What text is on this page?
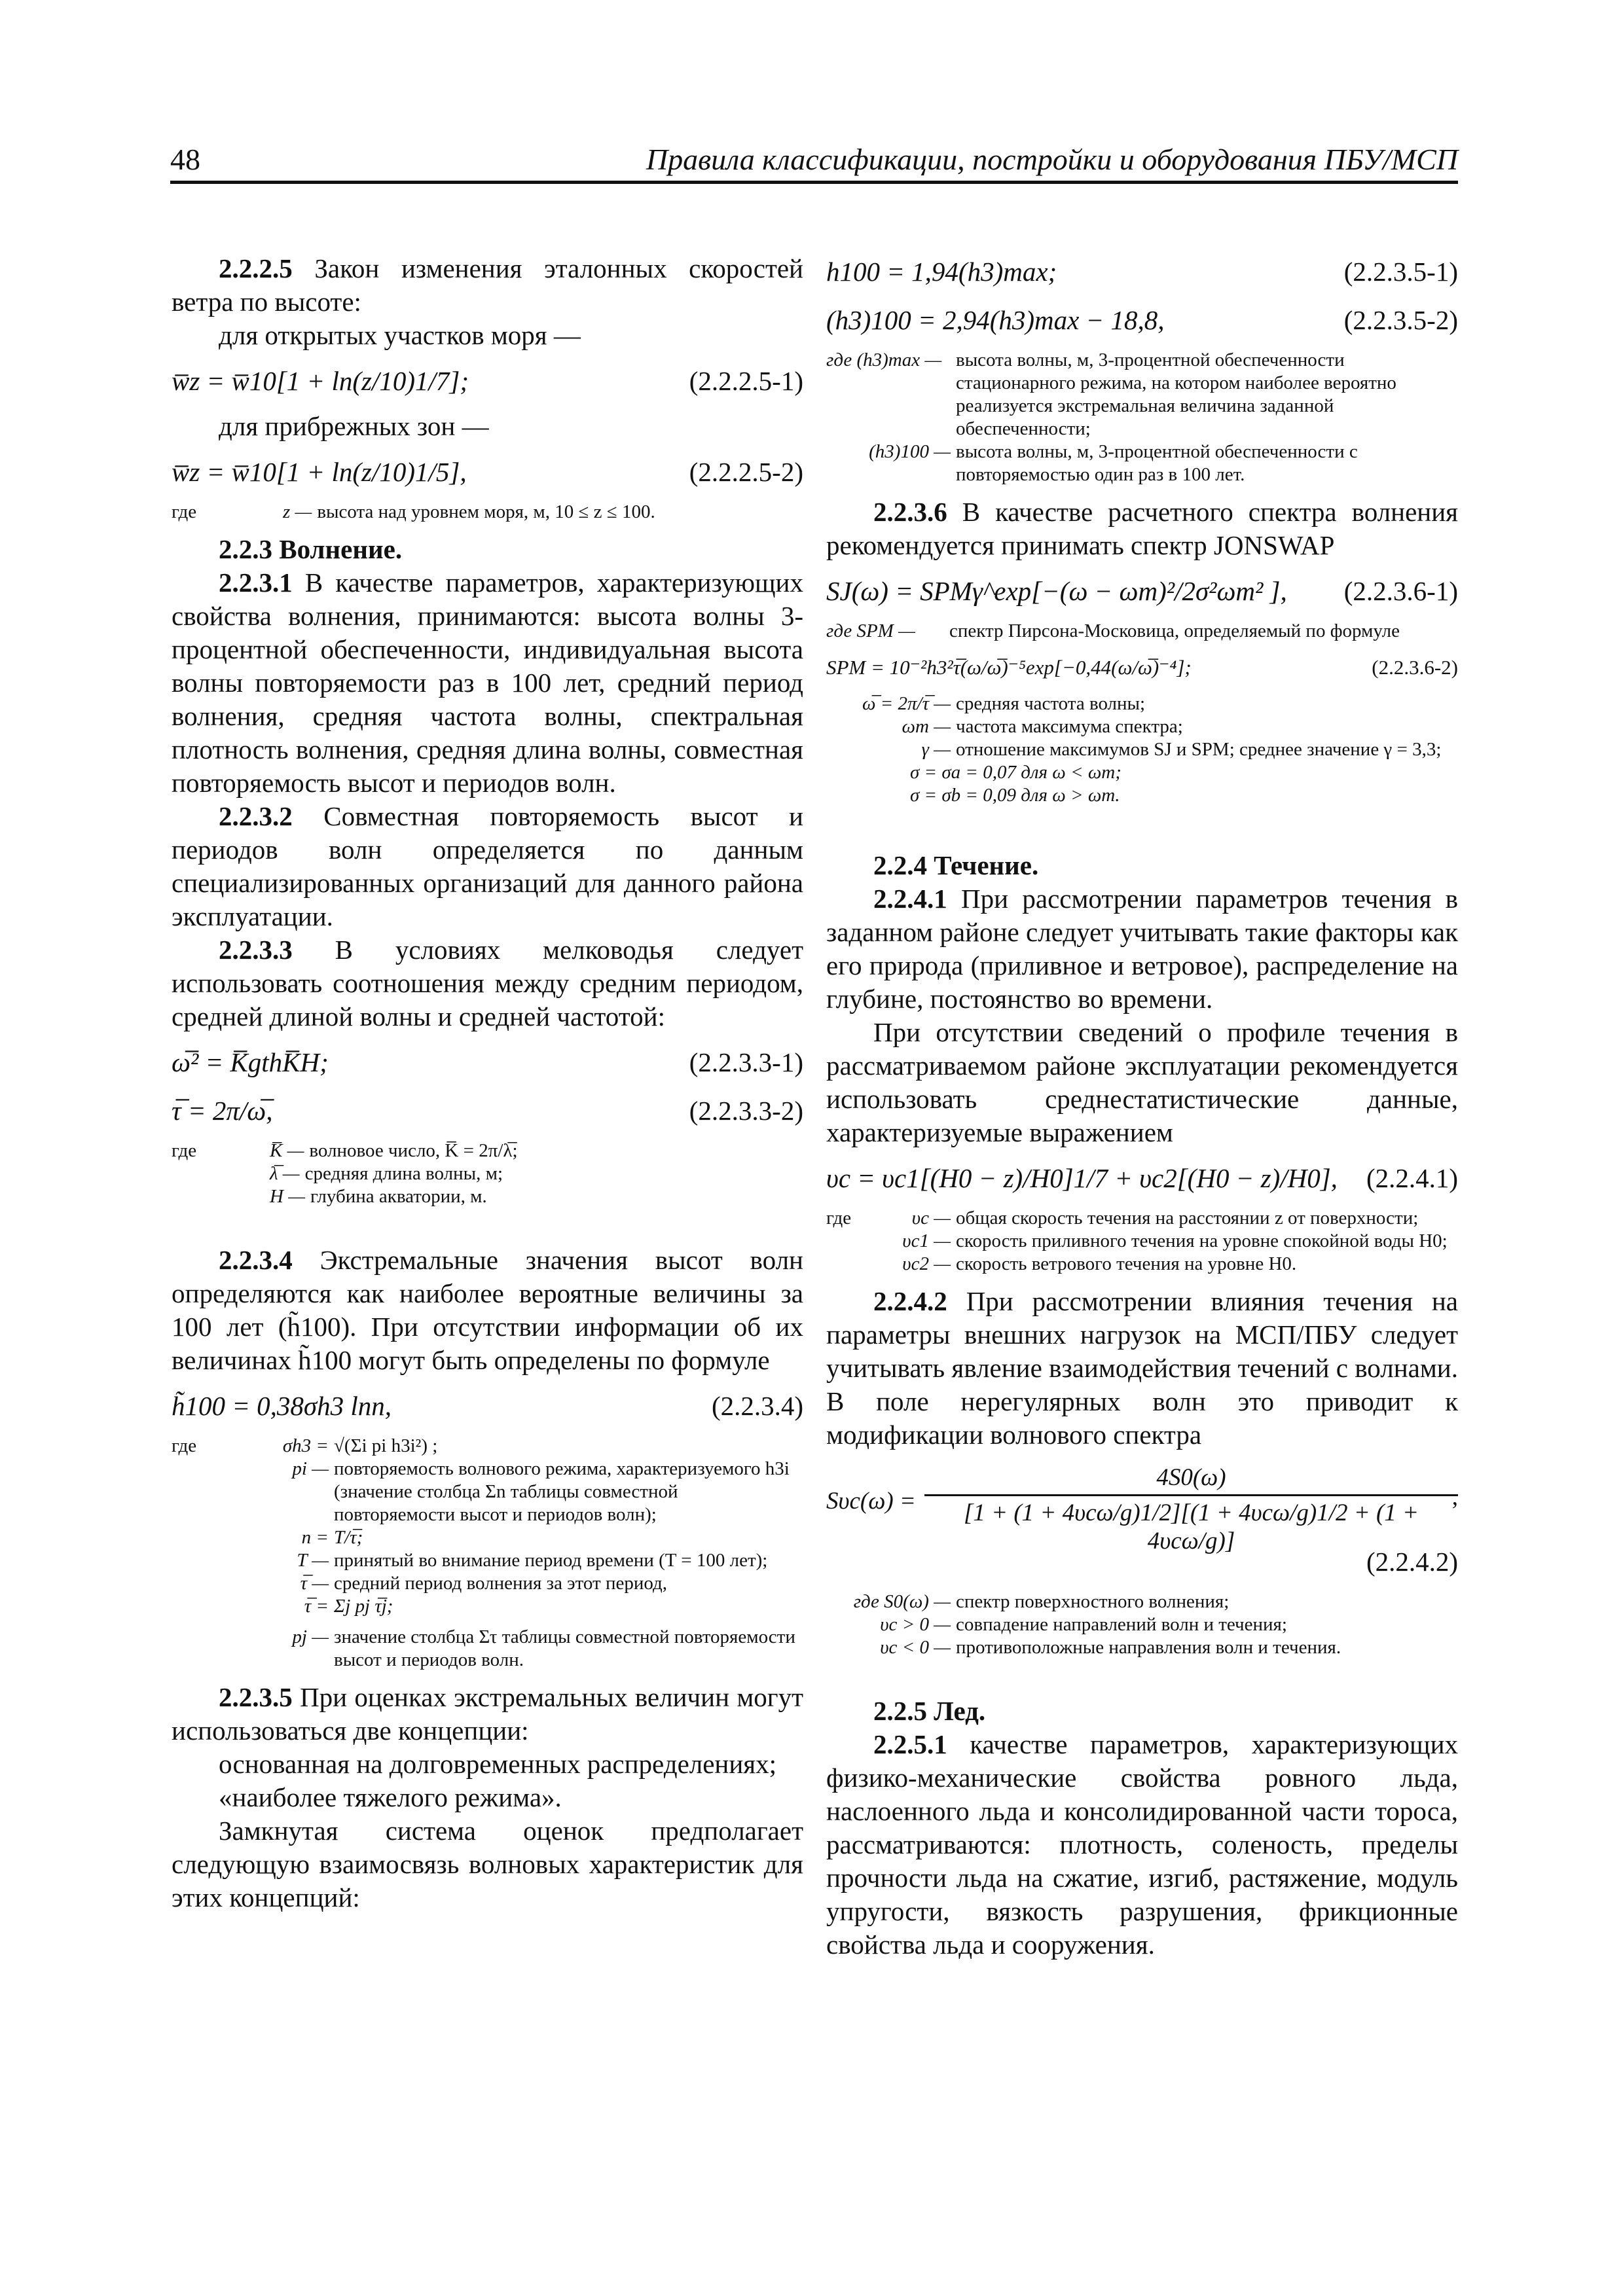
48	Правила классификации, постройки и оборудования ПБУ/МСП

2.2.2.5 Закон изменения эталонных скоростей ветра по высоте:

для открытых участков моря —

w̅z = w̅10[1 + ln(z/10)1/7];	(2.2.2.5-1)

для прибрежных зон —

w̅z = w̅10[1 + ln(z/10)1/5],	(2.2.2.5-2)
где	z — высота над уровнем моря, м, 10 ≤ z ≤ 100.

2.2.3 Волнение.

2.2.3.1 В качестве параметров, характеризующих свойства волнения, принимаются: высота волны 3-процентной обеспеченности, индивидуальная высота волны повторяемости раз в 100 лет, средний период волнения, средняя частота волны, спектральная плотность волнения, средняя длина волны, совместная повторяемость высот и периодов волн.

2.2.3.2 Совместная повторяемость высот и периодов волн определяется по данным специализированных организаций для данного района эксплуатации.

2.2.3.3 В условиях мелководья следует использовать соотношения между средним периодом, средней длиной волны и средней частотой:

ω̅² = K̅gthK̅H;	(2.2.3.3-1)
τ̅ = 2π/ω̅,	(2.2.3.3-2)
где	K̅ — волновое число, K̅ = 2π/λ̅;
λ̅ — средняя длина волны, м;
H — глубина акватории, м.

2.2.3.4 Экстремальные значения высот волн определяются как наиболее вероятные величины за 100 лет (h̃100). При отсутствии информации об их величинах h̃100 могут быть определены по формуле

h̃100 = 0,38σh3 lnn,	(2.2.3.4)
где	σh3 = √(Σi pi h3i²) ;
pi — повторяемость волнового режима, характеризуемого h3i (значение столбца Σn таблицы совместной повторяемости высот и периодов волн);
n = T/τ̅;
T — принятый во внимание период времени (T = 100 лет);
τ̅ — средний период волнения за этот период,
τ̅ = Σj pj τ̅j;
pj — значение столбца Στ таблицы совместной повторяемости высот и периодов волн.

2.2.3.5 При оценках экстремальных величин могут использоваться две концепции:

основанная на долговременных распределениях;

«наиболее тяжелого режима».

Замкнутая система оценок предполагает следующую взаимосвязь волновых характеристик для этих концепций:

h100 = 1,94(h3)max;	(2.2.3.5-1)
(h3)100 = 2,94(h3)max − 18,8,	(2.2.3.5-2)
где (h3)max — высота волны, м, 3-процентной обеспеченности стационарного режима, на котором наиболее вероятно реализуется экстремальная величина заданной обеспеченности;
(h3)100 — высота волны, м, 3-процентной обеспеченности с повторяемостью один раз в 100 лет.

2.2.3.6 В качестве расчетного спектра волнения рекомендуется принимать спектр JONSWAP

SJ(ω) = SPMγ^exp[−(ω − ωm)²/2σ²ωm² ], (2.2.3.6-1)
где SPM —	спектр Пирсона-Московица, определяемый по формуле
SPM = 10⁻²h3²τ̅(ω/ω̅)⁻⁵exp[−0,44(ω/ω̅)⁻⁴];	(2.2.3.6-2)
ω̅ = 2π/τ̅ — средняя частота волны;
ωm — частота максимума спектра;
γ — отношение максимумов SJ и SPM; среднее значение γ = 3,3;
σ = σa = 0,07 для ω < ωm;
σ = σb = 0,09 для ω > ωm.

2.2.4 Течение.

2.2.4.1 При рассмотрении параметров течения в заданном районе следует учитывать такие факторы как его природа (приливное и ветровое), распределение на глубине, постоянство во времени.

При отсутствии сведений о профиле течения в рассматриваемом районе эксплуатации рекомендуется использовать среднестатистические данные, характеризуемые выражением

υc = υc1[(H0 − z)/H0]1/7 + υc2[(H0 − z)/H0], (2.2.4.1)
где	υc — общая скорость течения на расстоянии z от поверхности;
υc1 — скорость приливного течения на уровне спокойной воды H0;
υc2 — скорость ветрового течения на уровне H0.

2.2.4.2 При рассмотрении влияния течения на параметры внешних нагрузок на МСП/ПБУ следует учитывать явление взаимодействия течений с волнами. В поле нерегулярных волн это приводит к модификации волнового спектра

Sυc(ω) =
4S0(ω)
[1 + (1 + 4υcω/g)1/2][(1 + 4υcω/g)1/2 + (1 + 4υcω/g)]
,
(2.2.4.2)
где S0(ω) — спектр поверхностного волнения;
υc > 0 — совпадение направлений волн и течения;
υc < 0 — противоположные направления волн и течения.

2.2.5 Лед.

2.2.5.1 качестве параметров, характеризующих физико-механические свойства ровного льда, наслоенного льда и консолидированной части тороса, рассматриваются: плотность, соленость, пределы прочности льда на сжатие, изгиб, растяжение, модуль упругости, вязкость разрушения, фрикционные свойства льда и сооружения.
